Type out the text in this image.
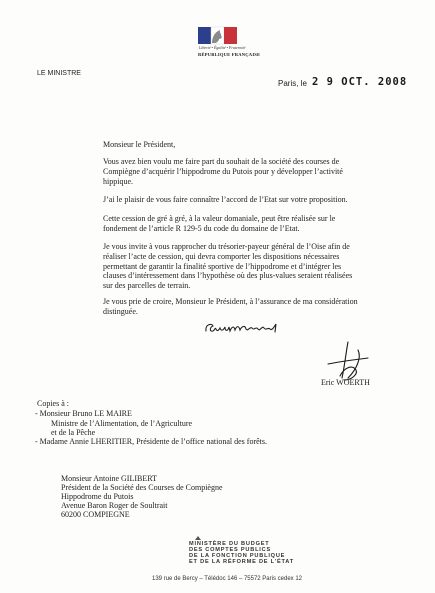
Liberté • Égalité • Fraternité
RÉPUBLIQUE FRANÇAISE
LE MINISTRE
Paris, le 2 9 OCT. 2008
Monsieur le Président,
Vous avez bien voulu me faire part du souhait de la société des courses de
Compiègne d’acquérir l’hippodrome du Putois pour y développer l’activité
hippique.
J’ai le plaisir de vous faire connaître l’accord de l’Etat sur votre proposition.
Cette cession de gré à gré, à la valeur domaniale, peut être réalisée sur le
fondement de l’article R 129-5 du code du domaine de l’Etat.
Je vous invite à vous rapprocher du trésorier-payeur général de l’Oise afin de
réaliser l’acte de cession, qui devra comporter les dispositions nécessaires
permettant de garantir la finalité sportive de l’hippodrome et d’intégrer les
clauses d’intéressement dans l’hypothèse où des plus-values seraient réalisées
sur des parcelles de terrain.
Je vous prie de croire, Monsieur le Président, à l’assurance de ma considération
distinguée.
Eric WOERTH
Copies à :
- Monsieur Bruno LE MAIRE
Ministre de l’Alimentation, de l’Agriculture
et de la Pêche
- Madame Annie LHERITIER, Présidente de l’office national des forêts.
Monsieur Antoine GILIBERT
Président de la Société des Courses de Compiègne
Hippodrome du Putois
Avenue Baron Roger de Soultrait
60200 COMPIEGNE
MINISTÈRE DU BUDGET
DES COMPTES PUBLICS
DE LA FONCTION PUBLIQUE
ET DE LA RÉFORME DE L’ÉTAT
139 rue de Bercy – Télédoc 146 – 75572 Paris cedex 12
